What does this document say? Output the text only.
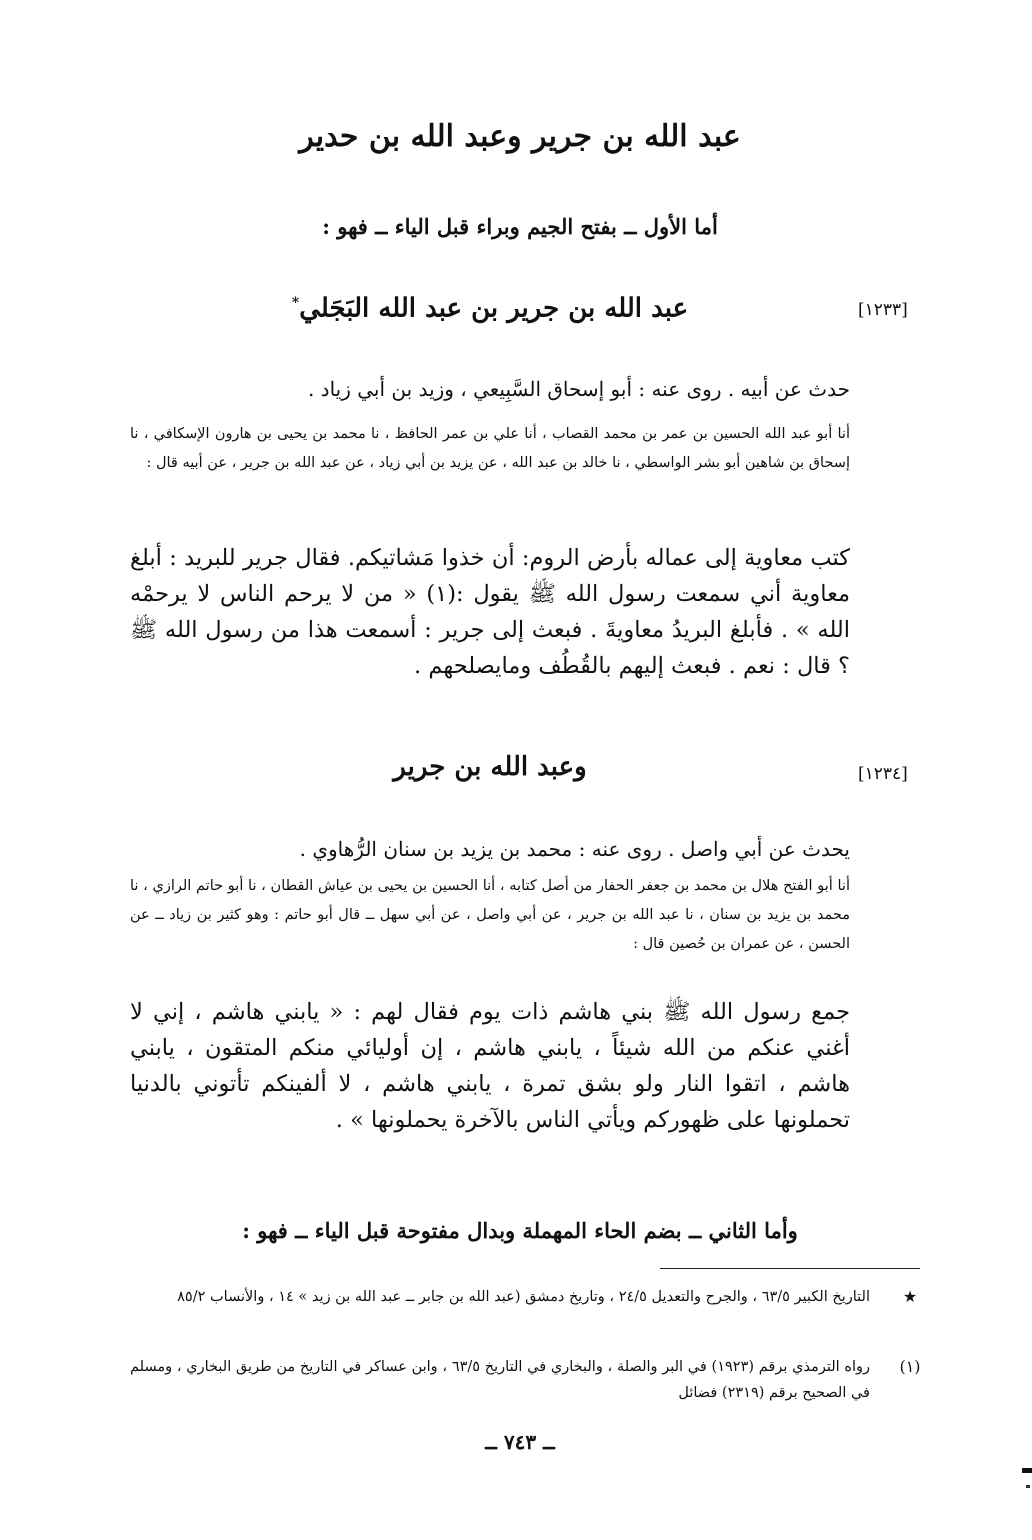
عبد الله بن جرير وعبد الله بن حدير
أما الأول ــ بفتح الجيم وبراء قبل الياء ــ فهو :
[١٢٣٣]
عبد الله بن جرير بن عبد الله البَجَلي*
حدث عن أبيه . روى عنه : أبو إسحاق السَّبِيعي ، وزيد بن أبي زياد .
أنا أبو عبد الله الحسين بن عمر بن محمد القصاب ، أنا علي بن عمر الحافظ ، نا محمد بن يحيى بن هارون الإسكافي ، نا إسحاق بن شاهين أبو بشر الواسطي ، نا خالد بن عبد الله ، عن يزيد بن أبي زياد ، عن عبد الله بن جرير ، عن أبيه قال :
كتب معاوية إلى عماله بأرض الروم: أن خذوا مَشاتيكم. فقال جرير للبريد : أبلغ معاوية أني سمعت رسول الله ﷺ يقول :(١) « من لا يرحم الناس لا يرحمْه الله » . فأبلغ البريدُ معاويةَ . فبعث إلى جرير : أسمعت هذا من رسول الله ﷺ ؟ قال : نعم . فبعث إليهم بالقُطُف ومايصلحهم .
[١٢٣٤]
وعبد الله بن جرير
يحدث عن أبي واصل . روى عنه : محمد بن يزيد بن سنان الرُّهاوي .
أنا أبو الفتح هلال بن محمد بن جعفر الحفار من أصل كتابه ، أنا الحسين بن يحيى بن عياش القطان ، نا أبو حاتم الرازي ، نا محمد بن يزيد بن سنان ، نا عبد الله بن جرير ، عن أبي واصل ، عن أبي سهل ــ قال أبو حاتم : وهو كثير بن زياد ــ عن الحسن ، عن عمران بن حُصين قال :
جمع رسول الله ﷺ بني هاشم ذات يوم فقال لهم : « يابني هاشم ، إني لا أغني عنكم من الله شيئاً ، يابني هاشم ، إن أوليائي منكم المتقون ، يابني هاشم ، اتقوا النار ولو بشق تمرة ، يابني هاشم ، لا ألفينكم تأتوني بالدنيا تحملونها على ظهوركم ويأتي الناس بالآخرة يحملونها » .
وأما الثاني ــ بضم الحاء المهملة وبدال مفتوحة قبل الياء ــ فهو :
★
التاريخ الكبير ٦٣/٥ ، والجرح والتعديل ٢٤/٥ ، وتاريخ دمشق (عبد الله بن جابر ــ عبد الله بن زيد » ١٤ ، والأنساب ٨٥/٢
(١)
رواه الترمذي برقم (١٩٢٣) في البر والصلة ، والبخاري في التاريخ ٦٣/٥ ، وابن عساكر في التاريخ من طريق البخاري ، ومسلم في الصحيح برقم (٢٣١٩) فضائل
ــ ٧٤٣ ــ
